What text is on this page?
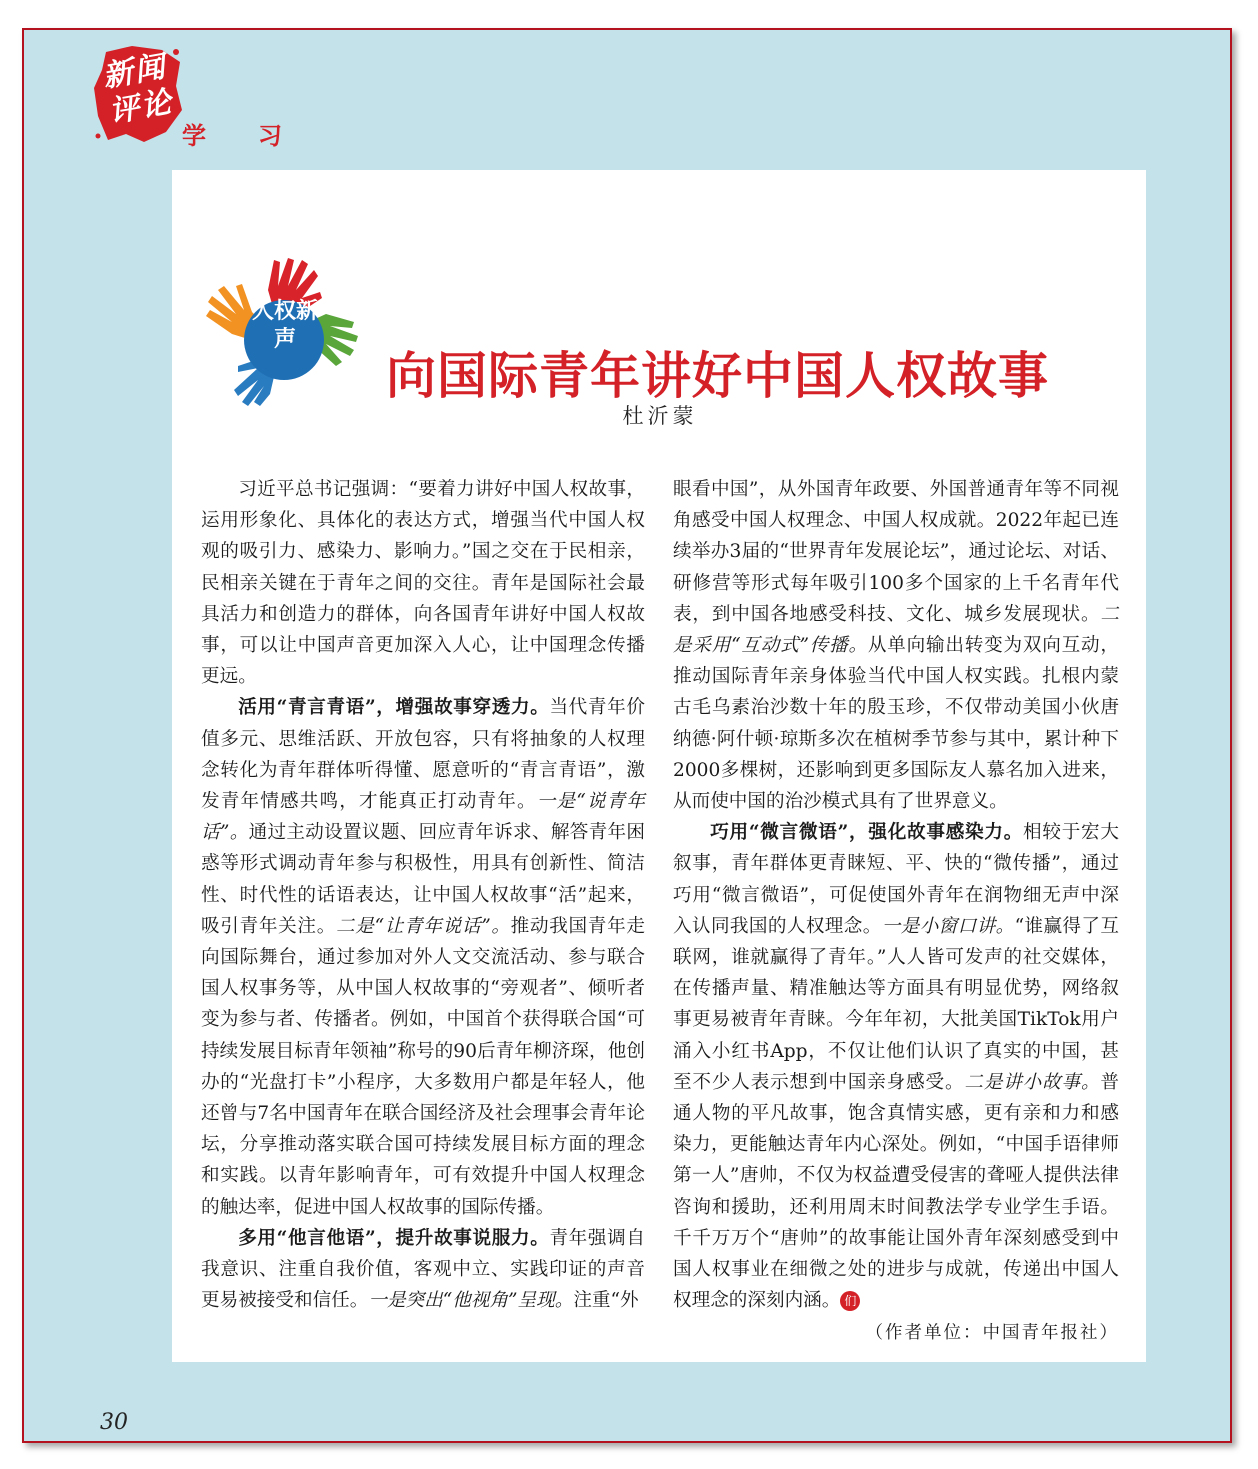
新闻评论
学习
人权新声
向国际青年讲好中国人权故事
杜沂蒙

习近平总书记强调：“要着力讲好中国人权故事，运用形象化、具体化的表达方式，增强当代中国人权观的吸引力、感染力、影响力。”国之交在于民相亲，民相亲关键在于青年之间的交往。青年是国际社会最具活力和创造力的群体，向各国青年讲好中国人权故事，可以让中国声音更加深入人心，让中国理念传播更远。

活用“青言青语”，增强故事穿透力。当代青年价值多元、思维活跃、开放包容，只有将抽象的人权理念转化为青年群体听得懂、愿意听的“青言青语”，激发青年情感共鸣，才能真正打动青年。一是“说青年话”。通过主动设置议题、回应青年诉求、解答青年困惑等形式调动青年参与积极性，用具有创新性、简洁性、时代性的话语表达，让中国人权故事“活”起来，吸引青年关注。二是“让青年说话”。推动我国青年走向国际舞台，通过参加对外人文交流活动、参与联合国人权事务等，从中国人权故事的“旁观者”、倾听者变为参与者、传播者。例如，中国首个获得联合国“可持续发展目标青年领袖”称号的90后青年柳济琛，他创办的“光盘打卡”小程序，大多数用户都是年轻人，他还曾与7名中国青年在联合国经济及社会理事会青年论坛，分享推动落实联合国可持续发展目标方面的理念和实践。以青年影响青年，可有效提升中国人权理念的触达率，促进中国人权故事的国际传播。

多用“他言他语”，提升故事说服力。青年强调自我意识、注重自我价值，客观中立、实践印证的声音更易被接受和信任。一是突出“他视角”呈现。注重“外

眼看中国”，从外国青年政要、外国普通青年等不同视角感受中国人权理念、中国人权成就。2022年起已连续举办3届的“世界青年发展论坛”，通过论坛、对话、研修营等形式每年吸引100多个国家的上千名青年代表，到中国各地感受科技、文化、城乡发展现状。二是采用“互动式”传播。从单向输出转变为双向互动，推动国际青年亲身体验当代中国人权实践。扎根内蒙古毛乌素治沙数十年的殷玉珍，不仅带动美国小伙唐纳德·阿什顿·琼斯多次在植树季节参与其中，累计种下2000多棵树，还影响到更多国际友人慕名加入进来，从而使中国的治沙模式具有了世界意义。

巧用“微言微语”，强化故事感染力。相较于宏大叙事，青年群体更青睐短、平、快的“微传播”，通过巧用“微言微语”，可促使国外青年在润物细无声中深入认同我国的人权理念。一是小窗口讲。“谁赢得了互联网，谁就赢得了青年。”人人皆可发声的社交媒体，在传播声量、精准触达等方面具有明显优势，网络叙事更易被青年青睐。今年年初，大批美国TikTok用户涌入小红书App，不仅让他们认识了真实的中国，甚至不少人表示想到中国亲身感受。二是讲小故事。普通人物的平凡故事，饱含真情实感，更有亲和力和感染力，更能触达青年内心深处。例如，“中国手语律师第一人”唐帅，不仅为权益遭受侵害的聋哑人提供法律咨询和援助，还利用周末时间教法学专业学生手语。千千万万个“唐帅”的故事能让国外青年深刻感受到中国人权事业在细微之处的进步与成就，传递出中国人权理念的深刻内涵。 们

（作者单位：中国青年报社）
30
